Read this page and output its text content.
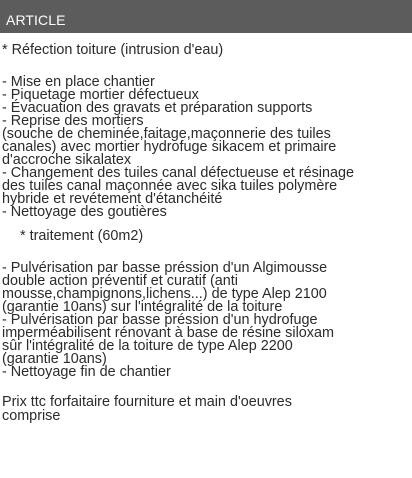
ARTICLE
* Réfection toiture (intrusion d'eau)
- Mise en place chantier
- Piquetage mortier défectueux
- Évacuation des gravats et préparation supports
- Reprise des mortiers
(souche de cheminée,faitage,maçonnerie des tuiles
canales) avec mortier hydrofuge sikacem et primaire
d'accroche sikalatex
- Changement des tuiles canal défectueuse et résinage
des tuiles canal maçonnée avec sika tuiles polymère
hybride et revétement d'étanchéité
- Nettoyage des goutières
* traitement (60m2)
- Pulvérisation par basse préssion d'un Algimousse
double action préventif et curatif (anti
mousse,champignons,lichens...) de type Alep 2100
(garantie 10ans) sur l'intégralité de la toiture
- Pulvérisation par basse préssion d'un hydrofuge
imperméabilisent rénovant à base de résine siloxam
sûr l'intégralité de la toiture de type Alep 2200
(garantie 10ans)
- Nettoyage fin de chantier
Prix ttc forfaitaire fourniture et main d'oeuvres
comprise
